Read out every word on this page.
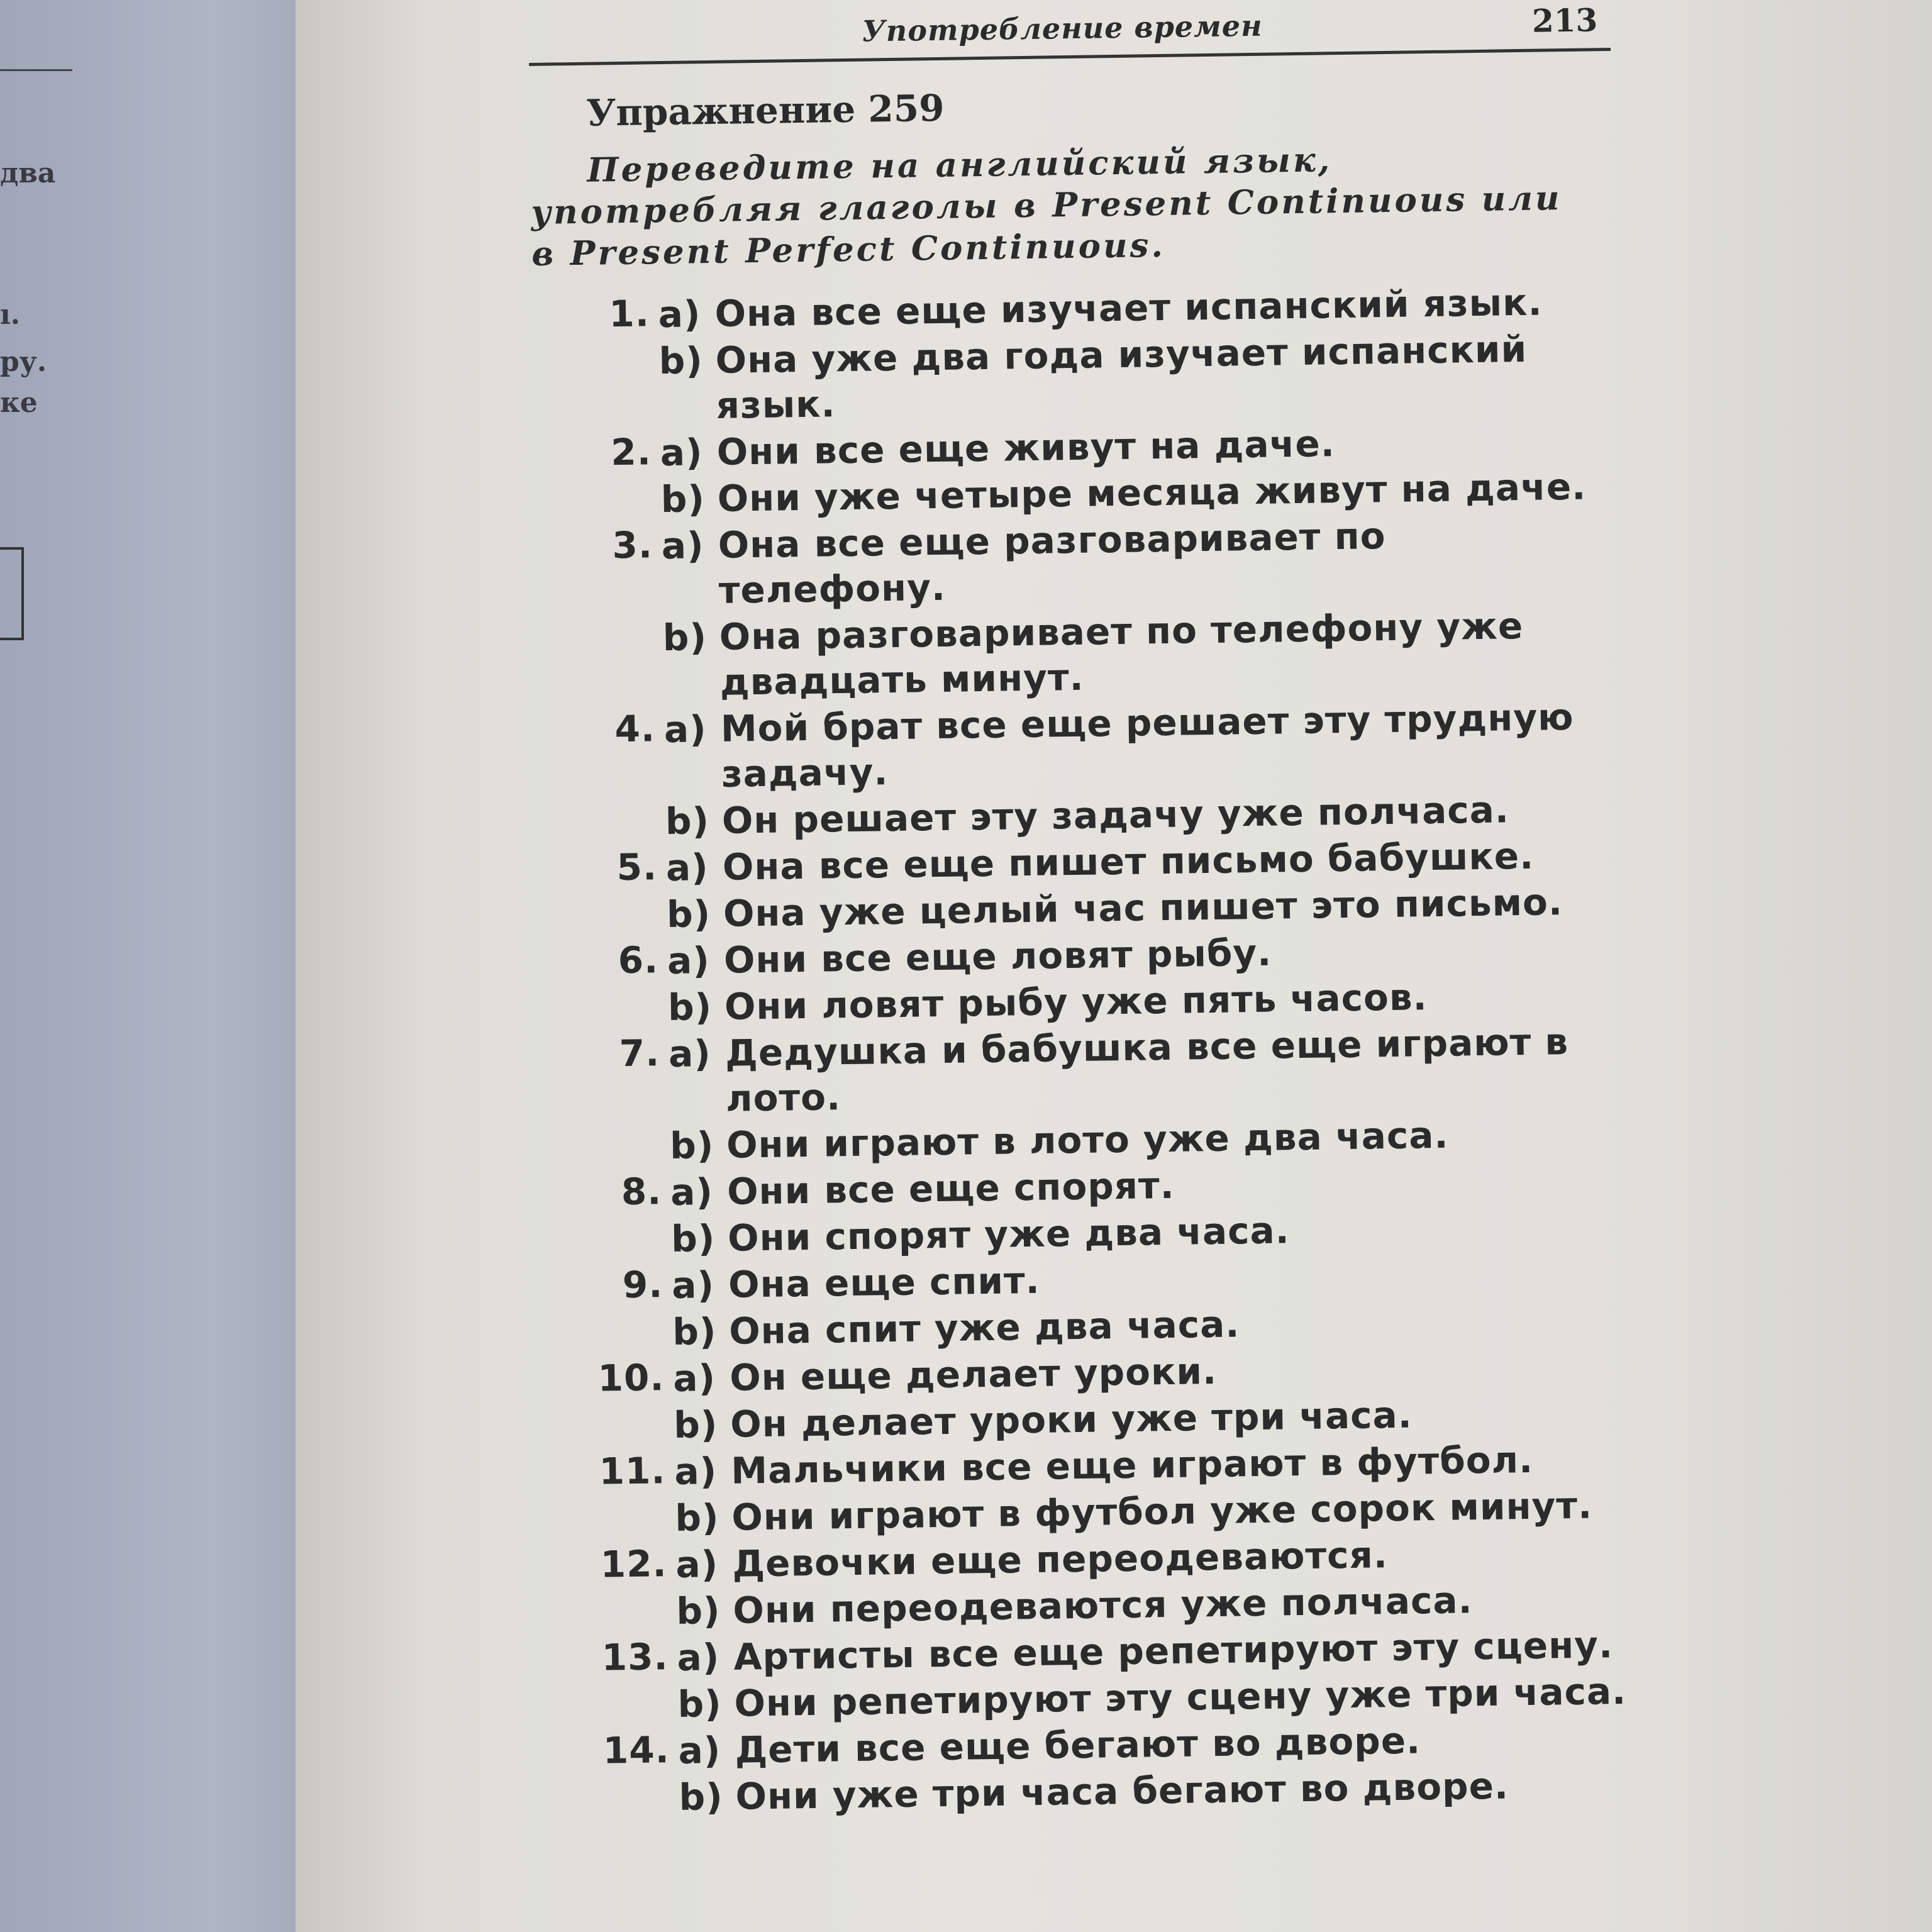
два
ı.
ру.
ке
Употребление времен	213
Упражнение 259
Переведите на английский язык, употребляя глаголы в Present Continuous или в Present Perfect Continuous.
1. a) Она все еще изучает испанский язык.
b) Она уже два года изучает испанский язык.
2. a) Они все еще живут на даче.
b) Они уже четыре месяца живут на даче.
3. a) Она все еще разговаривает по телефону.
b) Она разговаривает по телефону уже двадцать минут.
4. a) Мой брат все еще решает эту трудную задачу.
b) Он решает эту задачу уже полчаса.
5. a) Она все еще пишет письмо бабушке.
b) Она уже целый час пишет это письмо.
6. a) Они все еще ловят рыбу.
b) Они ловят рыбу уже пять часов.
7. a) Дедушка и бабушка все еще играют в лото.
b) Они играют в лото уже два часа.
8. a) Они все еще спорят.
b) Они спорят уже два часа.
9. a) Она еще спит.
b) Она спит уже два часа.
10. a) Он еще делает уроки.
b) Он делает уроки уже три часа.
11. a) Мальчики все еще играют в футбол.
b) Они играют в футбол уже сорок минут.
12. a) Девочки еще переодеваются.
b) Они переодеваются уже полчаса.
13. a) Артисты все еще репетируют эту сцену.
b) Они репетируют эту сцену уже три часа.
14. a) Дети все еще бегают во дворе.
b) Они уже три часа бегают во дворе.
